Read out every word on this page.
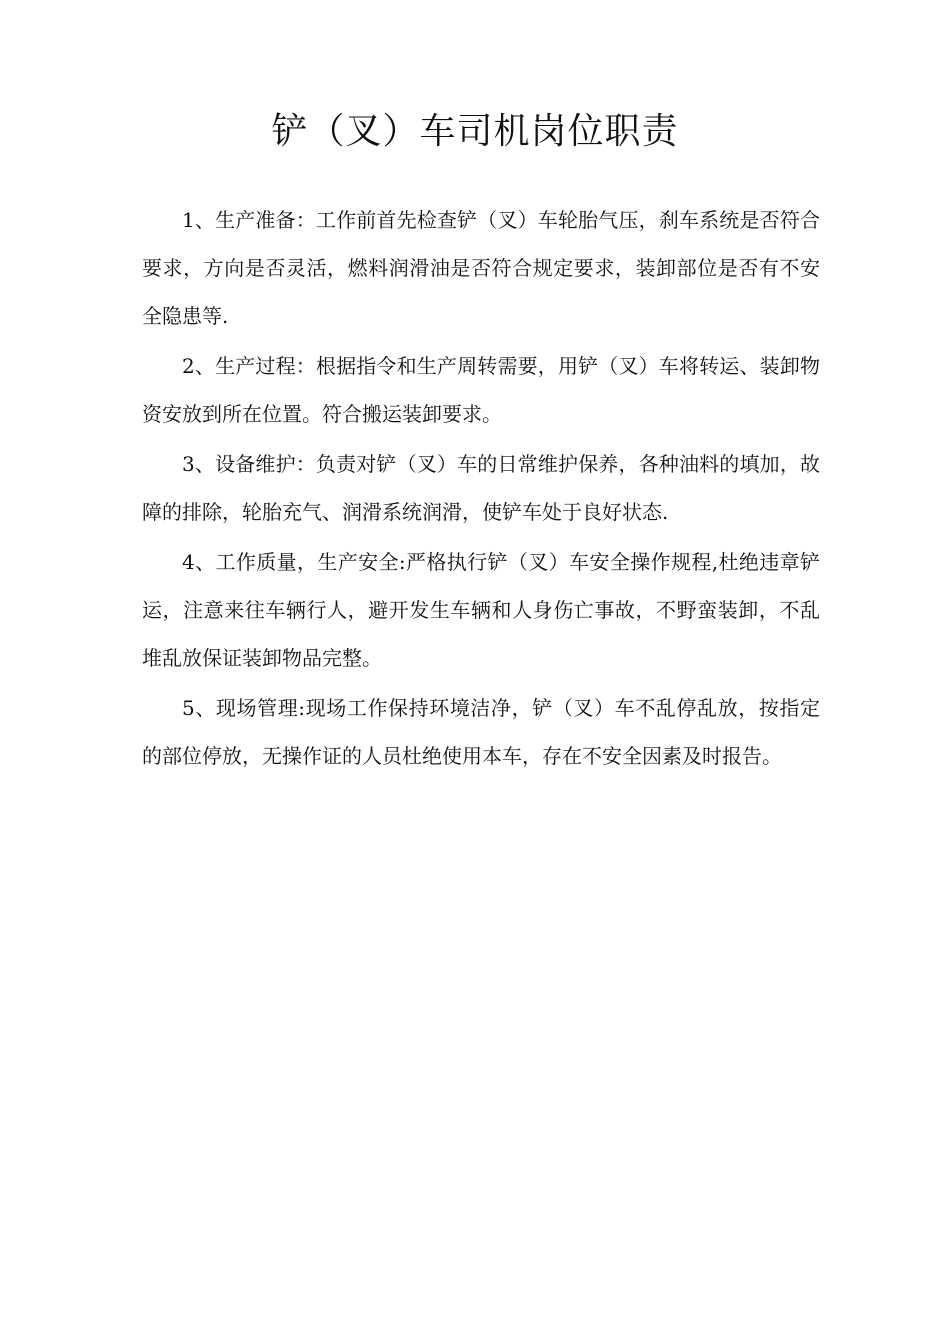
铲（叉）车司机岗位职责

1、生产准备：工作前首先检查铲（叉）车轮胎气压，刹车系统是否符合要求，方向是否灵活，燃料润滑油是否符合规定要求，装卸部位是否有不安全隐患等.

2、生产过程：根据指令和生产周转需要，用铲（叉）车将转运、装卸物资安放到所在位置。符合搬运装卸要求。

3、设备维护：负责对铲（叉）车的日常维护保养，各种油料的填加，故障的排除，轮胎充气、润滑系统润滑，使铲车处于良好状态.

4、工作质量，生产安全:严格执行铲（叉）车安全操作规程,杜绝违章铲运，注意来往车辆行人，避开发生车辆和人身伤亡事故，不野蛮装卸，不乱堆乱放保证装卸物品完整。

5、现场管理:现场工作保持环境洁净，铲（叉）车不乱停乱放，按指定的部位停放，无操作证的人员杜绝使用本车，存在不安全因素及时报告。
